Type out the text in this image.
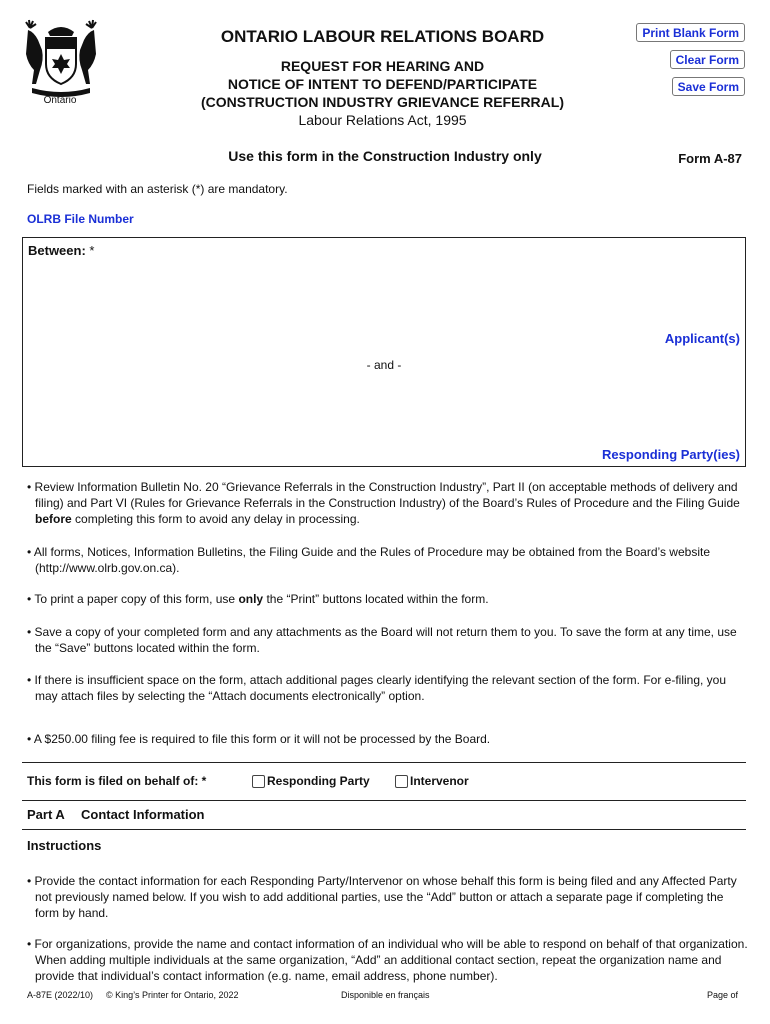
Ontario
ONTARIO LABOUR RELATIONS BOARD
REQUEST FOR HEARING AND
NOTICE OF INTENT TO DEFEND/PARTICIPATE
(CONSTRUCTION INDUSTRY GRIEVANCE REFERRAL)
Labour Relations Act, 1995
Print Blank Form
Clear Form
Save Form
Use this form in the Construction Industry only	Form A-87
Fields marked with an asterisk (*) are mandatory.
OLRB File Number
Between: *
Applicant(s)
- and -
Responding Party(ies)
• Review Information Bulletin No. 20 “Grievance Referrals in the Construction Industry”, Part II (on acceptable methods of delivery and filing) and Part VI (Rules for Grievance Referrals in the Construction Industry) of the Board’s Rules of Procedure and the Filing Guide before completing this form to avoid any delay in processing.
• All forms, Notices, Information Bulletins, the Filing Guide and the Rules of Procedure may be obtained from the Board’s website (http://www.olrb.gov.on.ca).
• To print a paper copy of this form, use only the “Print” buttons located within the form.
• Save a copy of your completed form and any attachments as the Board will not return them to you. To save the form at any time, use the “Save” buttons located within the form.
• If there is insufficient space on the form, attach additional pages clearly identifying the relevant section of the form. For e-filing, you may attach files by selecting the “Attach documents electronically” option.
• A $250.00 filing fee is required to file this form or it will not be processed by the Board.
This form is filed on behalf of: *	Responding Party	Intervenor
Part A Contact Information
Instructions
• Provide the contact information for each Responding Party/Intervenor on whose behalf this form is being filed and any Affected Party not previously named below. If you wish to add additional parties, use the “Add” button or attach a separate page if completing the form by hand.
• For organizations, provide the name and contact information of an individual who will be able to respond on behalf of that organization. When adding multiple individuals at the same organization, “Add” an additional contact section, repeat the organization name and provide that individual’s contact information (e.g. name, email address, phone number).
A-87E (2022/10) © King’s Printer for Ontario, 2022	Disponible en français	Page of
